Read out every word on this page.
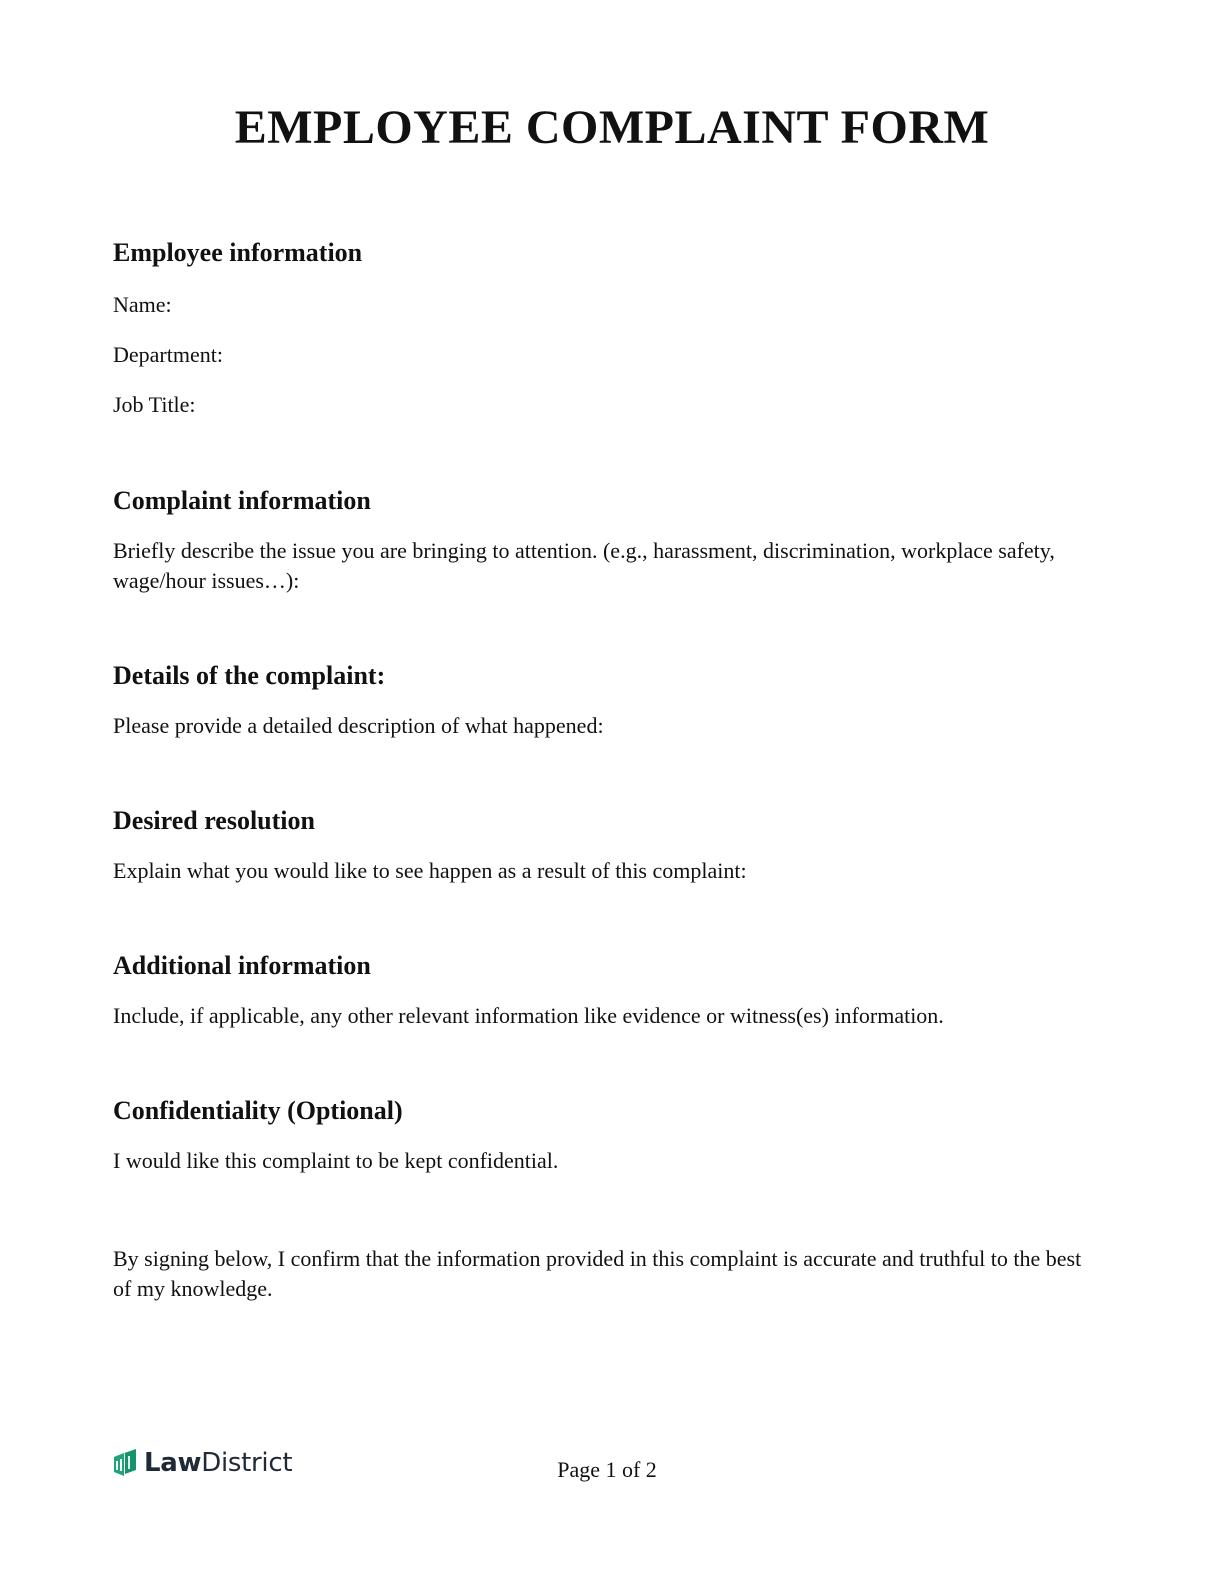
EMPLOYEE COMPLAINT FORM
Employee information

Name:

Department:

Job Title:

Complaint information

Briefly describe the issue you are bringing to attention. (e.g., harassment, discrimination, workplace safety, wage/hour issues…):

Details of the complaint:

Please provide a detailed description of what happened:

Desired resolution

Explain what you would like to see happen as a result of this complaint:

Additional information

Include, if applicable, any other relevant information like evidence or witness(es) information.

Confidentiality (Optional)

I would like this complaint to be kept confidential.

By signing below, I confirm that the information provided in this complaint is accurate and truthful to the best of my knowledge.

LawDistrict	Page 1 of 2
